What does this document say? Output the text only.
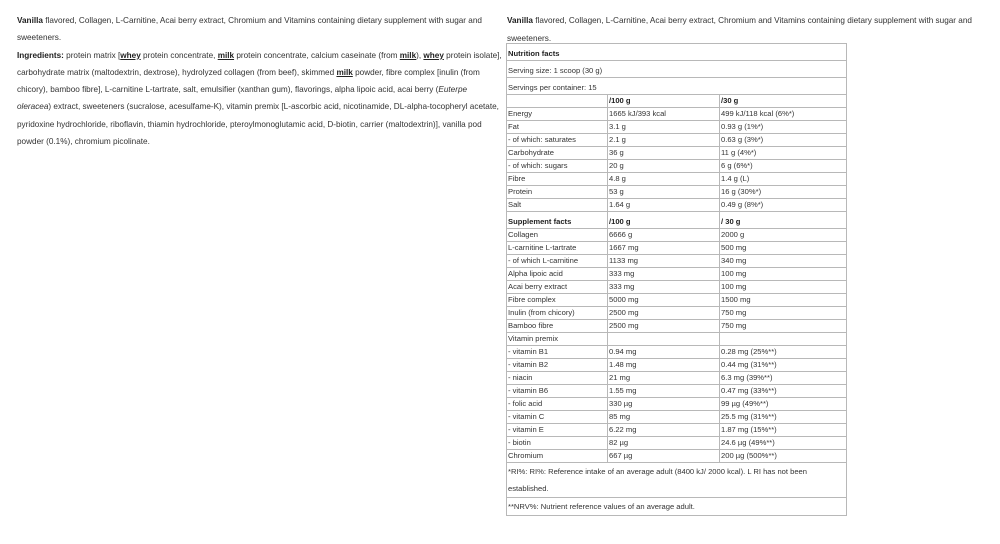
Vanilla flavored, Collagen, L-Carnitine, Acai berry extract, Chromium and Vitamins containing dietary supplement with sugar and sweeteners.
Ingredients: protein matrix [whey protein concentrate, milk protein concentrate, calcium caseinate (from milk), whey protein isolate], carbohydrate matrix (maltodextrin, dextrose), hydrolyzed collagen (from beef), skimmed milk powder, fibre complex [inulin (from chicory), bamboo fibre], L-carnitine L-tartrate, salt, emulsifier (xanthan gum), flavorings, alpha lipoic acid, acai berry (Euterpe oleracea) extract, sweeteners (sucralose, acesulfame-K), vitamin premix [L-ascorbic acid, nicotinamide, DL-alpha-tocopheryl acetate, pyridoxine hydrochloride, riboflavin, thiamin hydrochloride, pteroylmonoglutamic acid, D-biotin, carrier (maltodextrin)], vanilla pod powder (0.1%), chromium picolinate.
Vanilla flavored, Collagen, L-Carnitine, Acai berry extract, Chromium and Vitamins containing dietary supplement with sugar and sweeteners.
Nutrition facts		
Serving size: 1 scoop (30 g)		
Servings per container: 15		
	/100 g	/30 g
Energy	1665 kJ/393 kcal	499 kJ/118 kcal (6%*)
Fat	3.1 g	0.93 g (1%*)
- of which: saturates	2.1 g	0.63 g (3%*)
Carbohydrate	36 g	11 g (4%*)
- of which: sugars	20 g	6 g (6%*)
Fibre	4.8 g	1.4 g (L)
Protein	53 g	16 g (30%*)
Salt	1.64 g	0.49 g (8%*)
Supplement facts	/100 g	/ 30 g
Collagen	6666 g	2000 g
L-carnitine L-tartrate	1667 mg	500 mg
- of which L-carnitine	1133 mg	340 mg
Alpha lipoic acid	333 mg	100 mg
Acai berry extract	333 mg	100 mg
Fibre complex	5000 mg	1500 mg
Inulin (from chicory)	2500 mg	750 mg
Bamboo fibre	2500 mg	750 mg
Vitamin premix		
- vitamin B1	0.94 mg	0.28 mg (25%**)
- vitamin B2	1.48 mg	0.44 mg (31%**)
- niacin	21 mg	6.3 mg (39%**)
- vitamin B6	1.55 mg	0.47 mg (33%**)
- folic acid	330 µg	99 µg (49%**)
- vitamin C	85 mg	25.5 mg (31%**)
- vitamin E	6.22 mg	1.87 mg (15%**)
- biotin	82 µg	24.6 µg (49%**)
Chromium	667 µg	200 µg (500%**)
*RI%: RI%: Reference intake of an average adult (8400 kJ/ 2000 kcal). L RI has not been established.		
**NRV%: Nutrient reference values of an average adult.		
